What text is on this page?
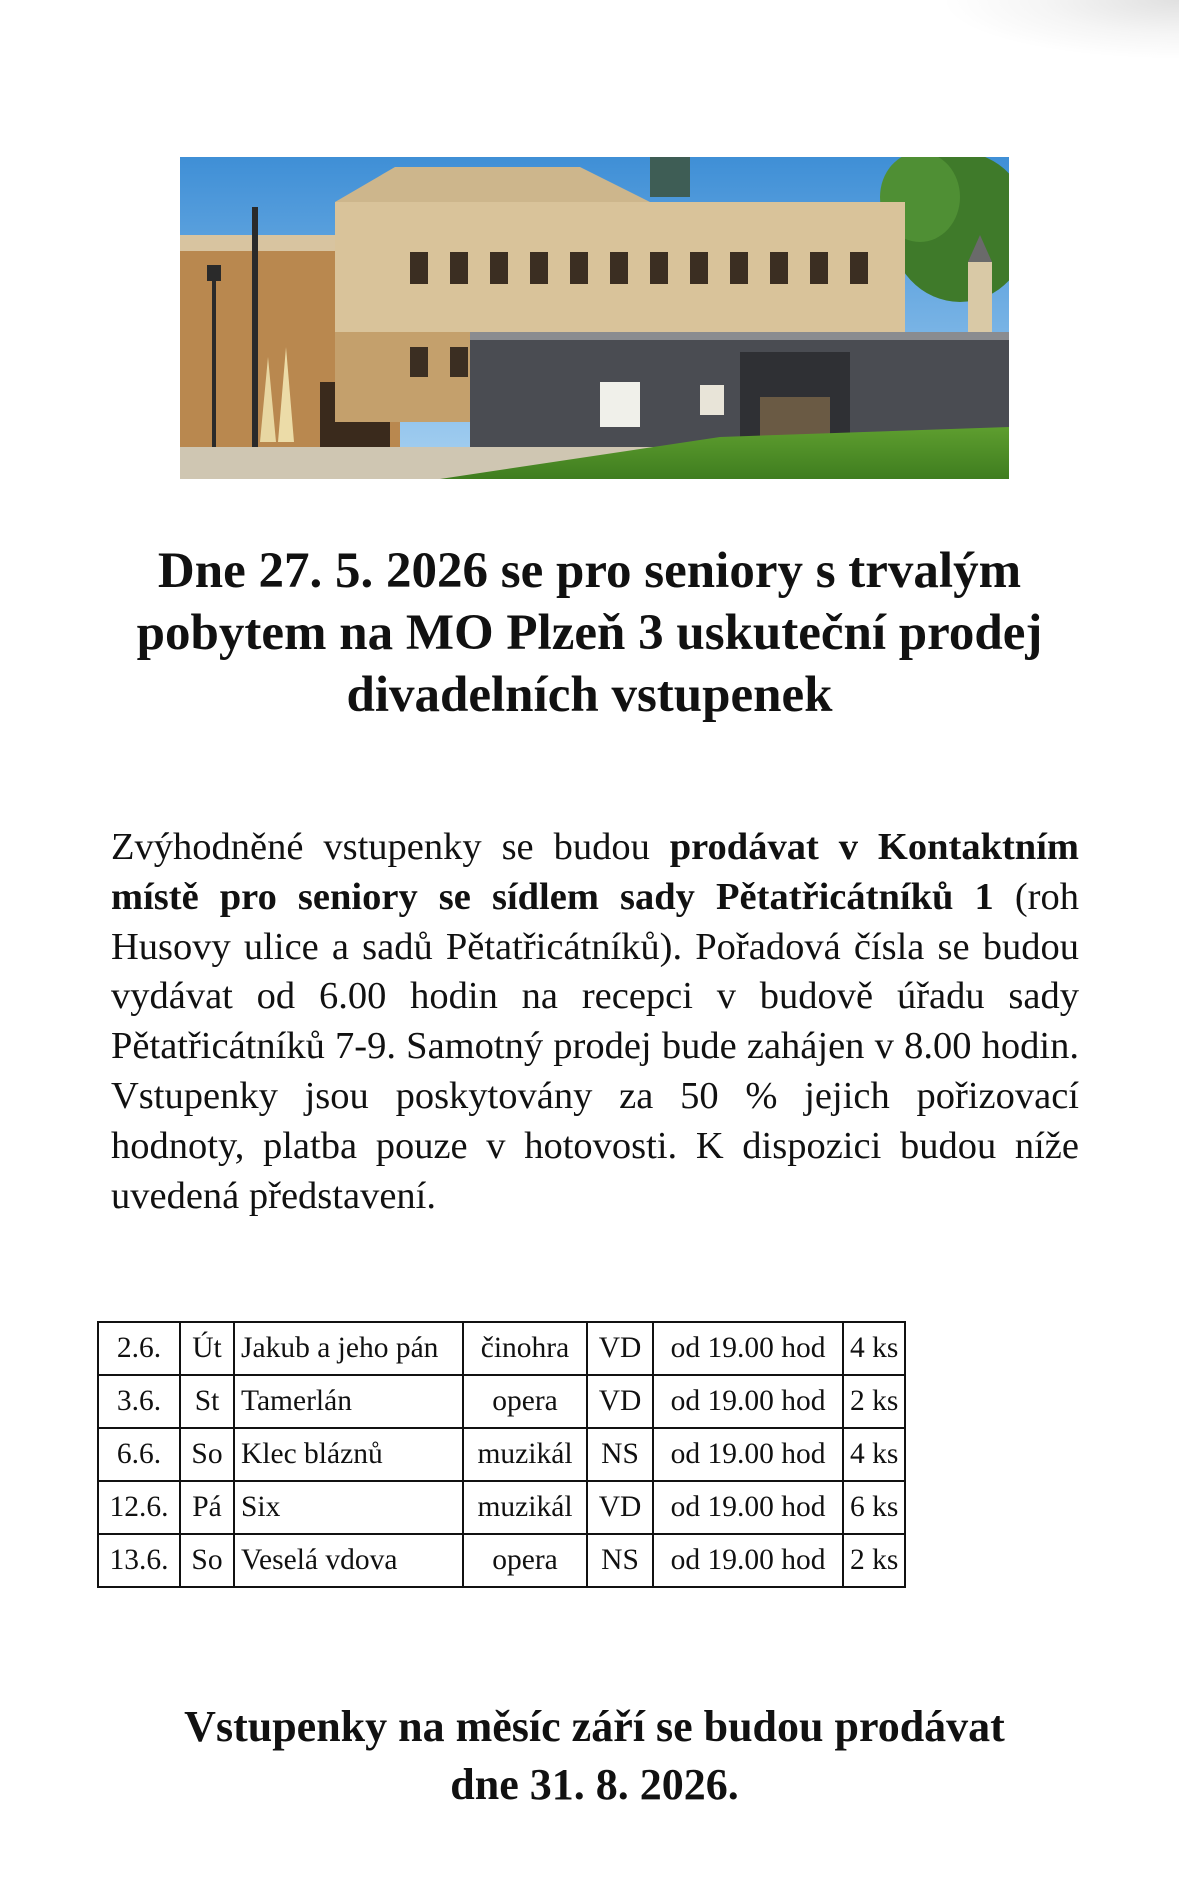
Dne 27. 5. 2026 se pro seniory s trvalým pobytem na MO Plzeň 3 uskuteční prodej divadelních vstupenek

Zvýhodněné vstupenky se budou prodávat v Kontaktním místě pro seniory se sídlem sady Pětatřicátníků 1 (roh Husovy ulice a sadů Pětatřicátníků). Pořadová čísla se budou vydávat od 6.00 hodin na recepci v budově úřadu sady Pětatřicátníků 7-9. Samotný prodej bude zahájen v 8.00 hodin. Vstupenky jsou poskytovány za 50 % jejich pořizovací hodnoty, platba pouze v hotovosti. K dispozici budou níže uvedená představení.

2.6.	Út	Jakub a jeho pán	činohra	VD	od 19.00 hod	4 ks
3.6.	St	Tamerlán	opera	VD	od 19.00 hod	2 ks
6.6.	So	Klec bláznů	muzikál	NS	od 19.00 hod	4 ks
12.6.	Pá	Six	muzikál	VD	od 19.00 hod	6 ks
13.6.	So	Veselá vdova	opera	NS	od 19.00 hod	2 ks
Vstupenky na měsíc září se budou prodávat
dne 31. 8. 2026.
